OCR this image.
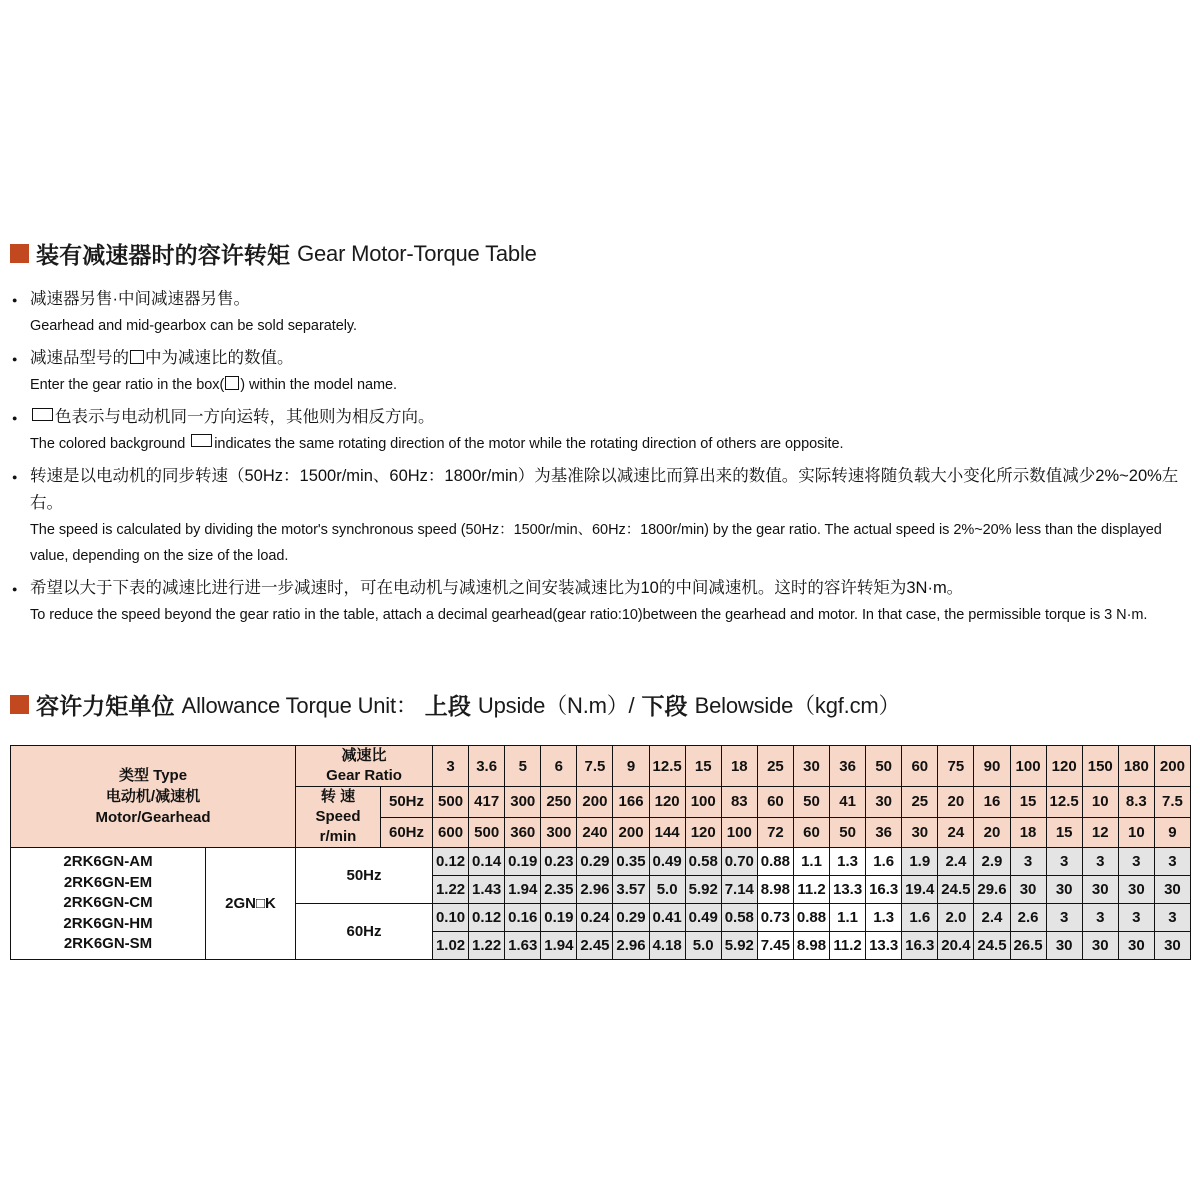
装有减速器时的容许转矩 Gear Motor-Torque Table
● 减速器另售·中间减速器另售。
Gearhead and mid-gearbox can be sold separately.
● 减速品型号的 中为减速比的数值。
Enter the gear ratio in the box( ) within the model name.
● 色表示与电动机同一方向运转，其他则为相反方向。
The colored background indicates the same rotating direction of the motor while the rotating direction of others are opposite.
● 转速是以电动机的同步转速（50Hz：1500r/min、60Hz：1800r/min）为基准除以减速比而算出来的数值。实际转速将随负载大小变化所示数值减少2%~20%左右。
The speed is calculated by dividing the motor's synchronous speed (50Hz：1500r/min、60Hz：1800r/min) by the gear ratio. The actual speed is 2%~20% less than the displayed value, depending on the size of the load.
● 希望以大于下表的减速比进行进一步减速时，可在电动机与减速机之间安装减速比为10的中间减速机。这时的容许转矩为3N·m。
To reduce the speed beyond the gear ratio in the table, attach a decimal gearhead(gear ratio:10)between the gearhead and motor. In that case, the permissible torque is 3 N·m.
容许力矩单位 Allowance Torque Unit： 上段 Upside（N.m）/ 下段 Belowside（kgf.cm）
类型 Type
电动机/减速机
Motor/Gearhead

减速比
Gear Ratio
	3	3.6	5	6	7.5	9	12.5	15	18	25	30	36	50	60	75	90	100	120	150	180	200

		转 速
Speed r/min	50Hz	500	417	300	250	200	166	120	100	83	60	50	41	30	25	20	16	15	12.5	10	8.3	7.5
			60Hz	600	500	360	300	240	200	144	120	100	72	60	50	36	30	24	20	18	15	12	10	9

2RK6GN-AM
2RK6GN-EM
2RK6GN-CM
2RK6GN-HM
2RK6GN-SM	2GN□K	50Hz		0.12	0.14	0.19	0.23	0.29	0.35	0.49	0.58	0.70	0.88	1.1	1.3	1.6	1.9	2.4	2.9	3	3	3	3	3
				1.22	1.43	1.94	2.35	2.96	3.57	5.0	5.92	7.14	8.98	11.2	13.3	16.3	19.4	24.5	29.6	30	30	30	30	30
		60Hz		0.10	0.12	0.16	0.19	0.24	0.29	0.41	0.49	0.58	0.73	0.88	1.1	1.3	1.6	2.0	2.4	2.6	3	3	3	3
				1.02	1.22	1.63	1.94	2.45	2.96	4.18	5.0	5.92	7.45	8.98	11.2	13.3	16.3	20.4	24.5	26.5	30	30	30	30
